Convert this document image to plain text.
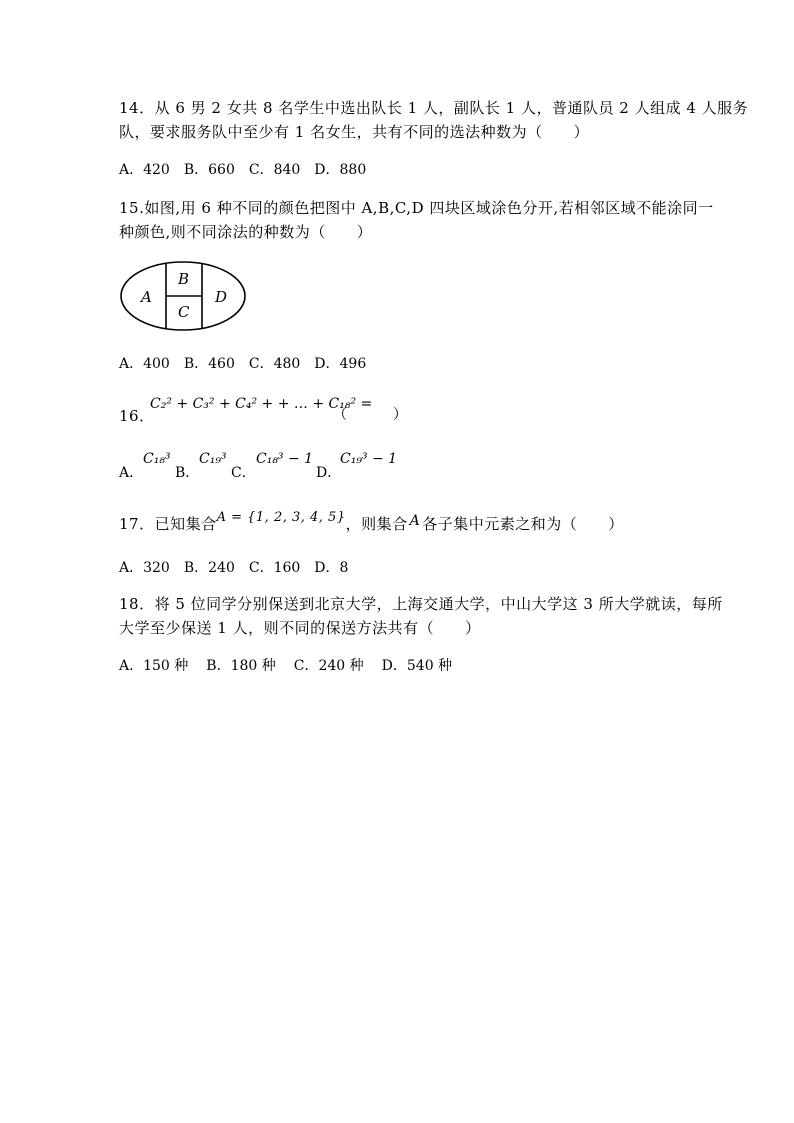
14．从 6 男 2 女共 8 名学生中选出队长 1 人，副队长 1 人，普通队员 2 人组成 4 人服务
队，要求服务队中至少有 1 名女生，共有不同的选法种数为（　　）
A．420 B．660 C．840 D．880
15.如图,用 6 种不同的颜色把图中 A,B,C,D 四块区域涂色分开,若相邻区域不能涂同一
种颜色,则不同涂法的种数为（　　）
A
B
C
D
A．400 B．460 C．480 D．496
16．
C₂² + C₃² + C₄² + + … + C₁₈² =
（　　）
A．
C₁₈³
B．
C₁₉³
C．
C₁₈³ − 1
D．
C₁₉³ − 1
17．已知集合 A = {1, 2, 3, 4, 5} ，则集合 A 各子集中元素之和为（　　）
A．320 B．240 C．160 D．8
18．将 5 位同学分别保送到北京大学，上海交通大学，中山大学这 3 所大学就读，每所
大学至少保送 1 人，则不同的保送方法共有（　　）
A．150 种 B．180 种 C．240 种 D．540 种
